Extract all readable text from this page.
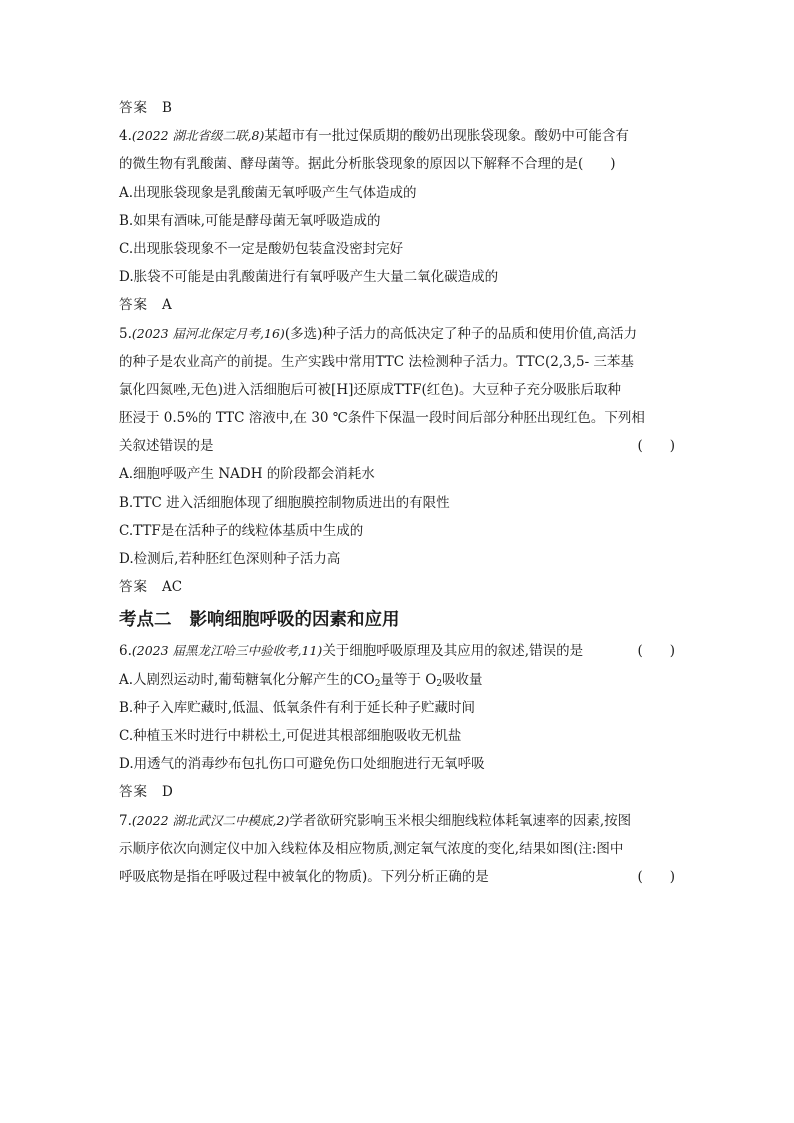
答案 B
4.(2022 湖北省级二联,8)某超市有一批过保质期的酸奶出现胀袋现象。酸奶中可能含有
的微生物有乳酸菌、酵母菌等。据此分析胀袋现象的原因以下解释不合理的是(　　)
A.出现胀袋现象是乳酸菌无氧呼吸产生气体造成的
B.如果有酒味,可能是酵母菌无氧呼吸造成的
C.出现胀袋现象不一定是酸奶包装盒没密封完好
D.胀袋不可能是由乳酸菌进行有氧呼吸产生大量二氧化碳造成的
答案 A
5.(2023 届河北保定月考,16)(多选)种子活力的高低决定了种子的品质和使用价值,高活力
的种子是农业高产的前提。生产实践中常用TTC 法检测种子活力。TTC(2,3,5- 三苯基
氯化四氮唑,无色)进入活细胞后可被[H]还原成TTF(红色)。大豆种子充分吸胀后取种
胚浸于 0.5%的 TTC 溶液中,在 30 ℃条件下保温一段时间后部分种胚出现红色。下列相
关叙述错误的是	(　　)
A.细胞呼吸产生 NADH 的阶段都会消耗水
B.TTC 进入活细胞体现了细胞膜控制物质进出的有限性
C.TTF是在活种子的线粒体基质中生成的
D.检测后,若种胚红色深则种子活力高
答案 AC
考点二 影响细胞呼吸的因素和应用
6.(2023 届黑龙江哈三中验收考,11)关于细胞呼吸原理及其应用的叙述,错误的是	(　　)
A.人剧烈运动时,葡萄糖氧化分解产生的$CO_2$量等于 $O_2$吸收量
B.种子入库贮藏时,低温、低氧条件有利于延长种子贮藏时间
C.种植玉米时进行中耕松土,可促进其根部细胞吸收无机盐
D.用透气的消毒纱布包扎伤口可避免伤口处细胞进行无氧呼吸
答案 D
7.(2022 湖北武汉二中模底,2)学者欲研究影响玉米根尖细胞线粒体耗氧速率的因素,按图
示顺序依次向测定仪中加入线粒体及相应物质,测定氧气浓度的变化,结果如图(注:图中
呼吸底物是指在呼吸过程中被氧化的物质)。下列分析正确的是	(　　)
